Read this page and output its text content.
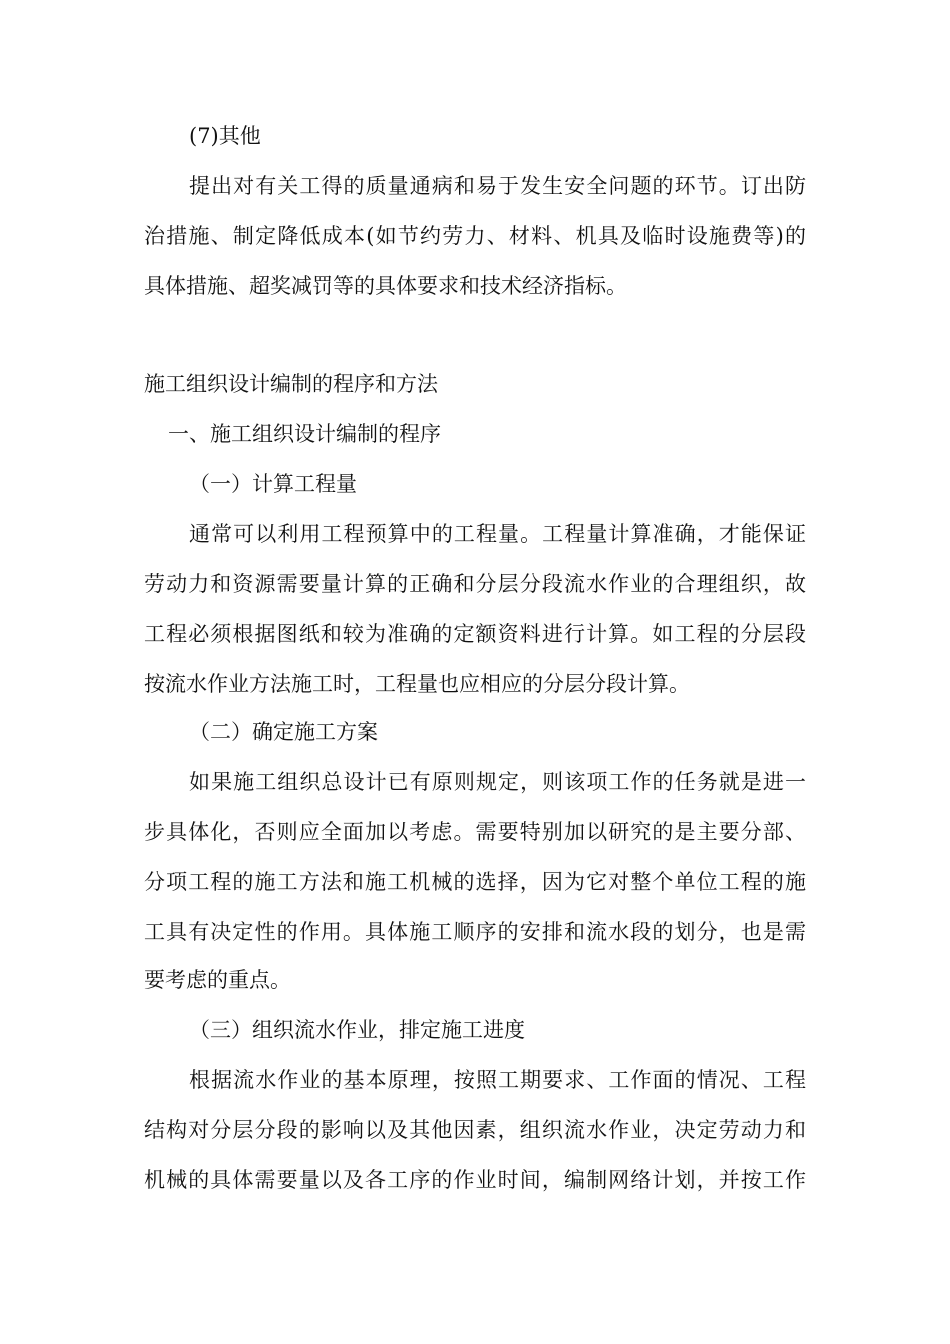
(7)其他
提出对有关工得的质量通病和易于发生安全问题的环节。订出防
治措施、制定降低成本(如节约劳力、材料、机具及临时设施费等)的
具体措施、超奖减罚等的具体要求和技术经济指标。
施工组织设计编制的程序和方法
一、施工组织设计编制的程序
（一）计算工程量
通常可以利用工程预算中的工程量。工程量计算准确，才能保证
劳动力和资源需要量计算的正确和分层分段流水作业的合理组织，故
工程必须根据图纸和较为准确的定额资料进行计算。如工程的分层段
按流水作业方法施工时，工程量也应相应的分层分段计算。
（二）确定施工方案
如果施工组织总设计已有原则规定，则该项工作的任务就是进一
步具体化，否则应全面加以考虑。需要特别加以研究的是主要分部、
分项工程的施工方法和施工机械的选择，因为它对整个单位工程的施
工具有决定性的作用。具体施工顺序的安排和流水段的划分，也是需
要考虑的重点。
（三）组织流水作业，排定施工进度
根据流水作业的基本原理，按照工期要求、工作面的情况、工程
结构对分层分段的影响以及其他因素，组织流水作业，决定劳动力和
机械的具体需要量以及各工序的作业时间，编制网络计划，并按工作
